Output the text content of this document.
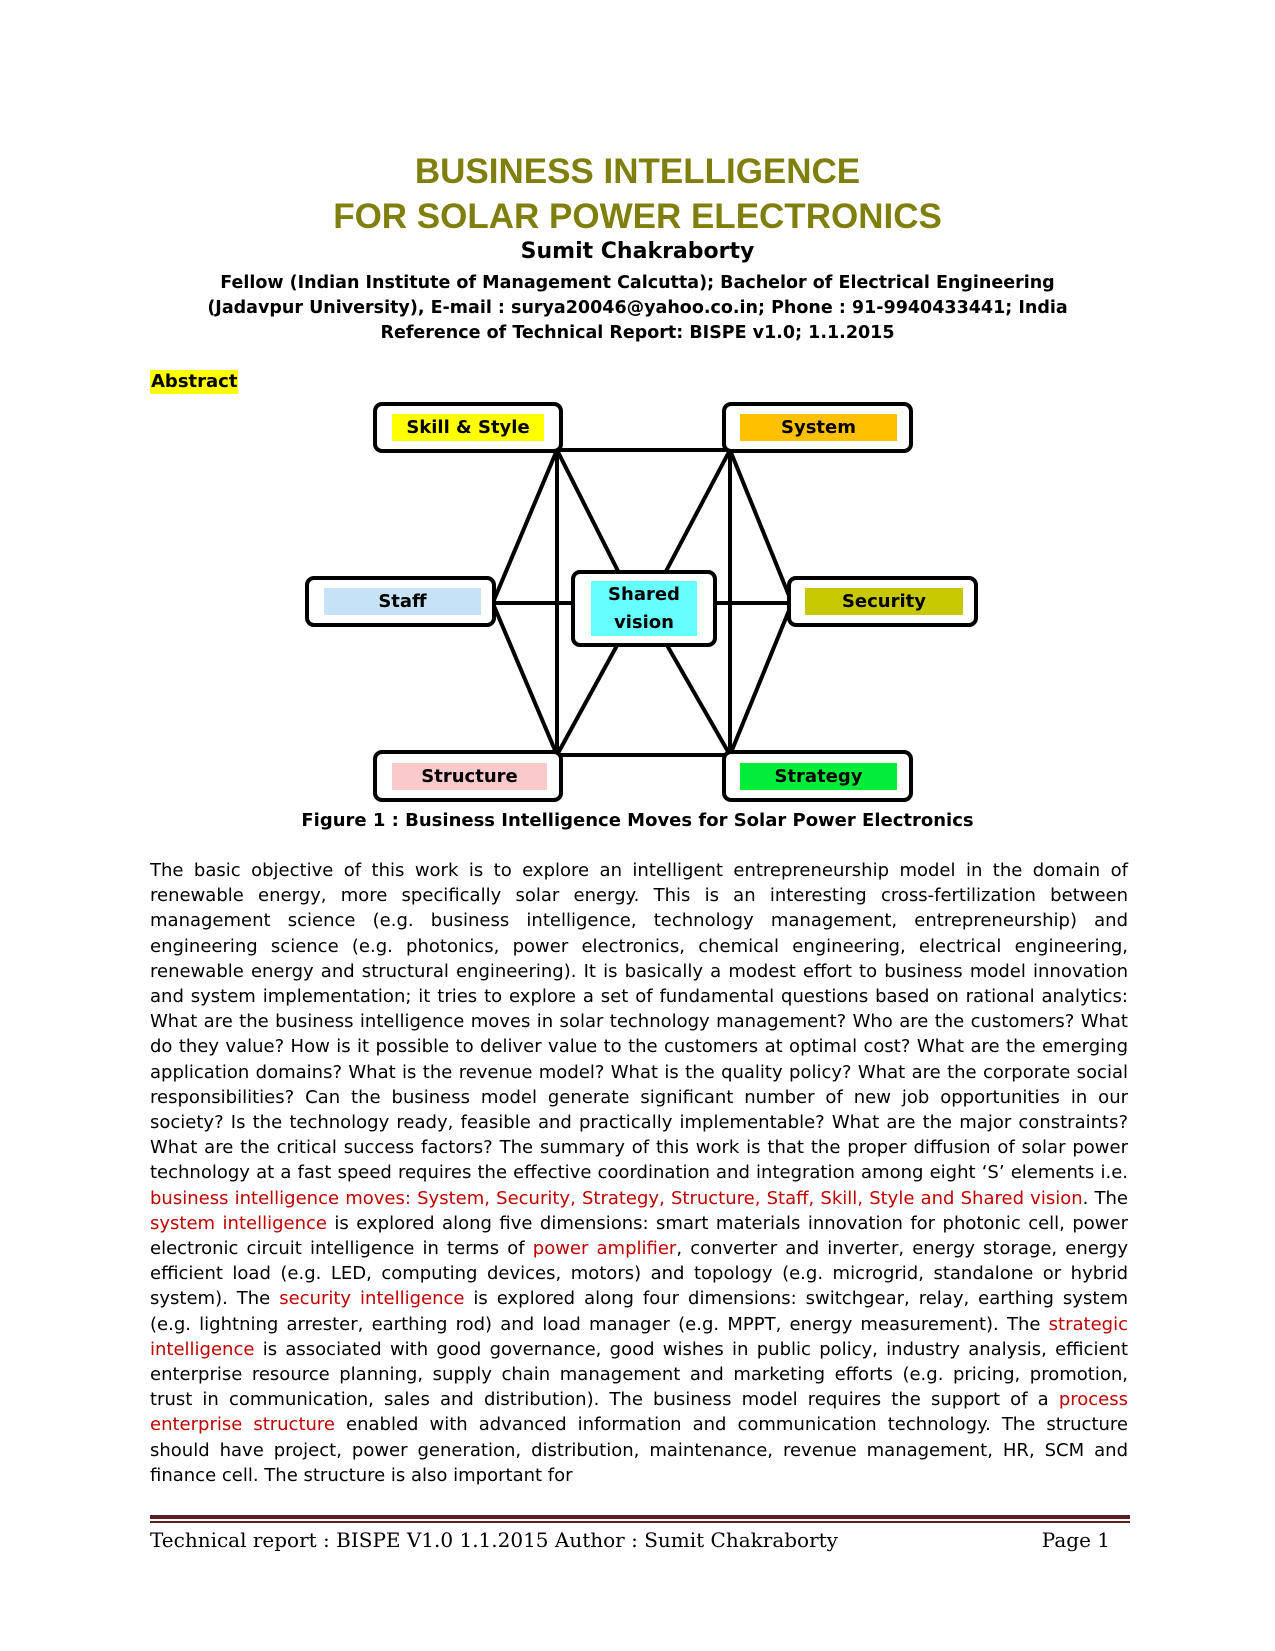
BUSINESS INTELLIGENCE
FOR SOLAR POWER ELECTRONICS
Sumit Chakraborty
Fellow (Indian Institute of Management Calcutta); Bachelor of Electrical Engineering
(Jadavpur University), E-mail : surya20046@yahoo.co.in; Phone : 91-9940433441; India
Reference of Technical Report: BISPE v1.0; 1.1.2015
Abstract
Skill & Style	System
Staff	Shared
vision
Security
Structure	Strategy
Figure 1 : Business Intelligence Moves for Solar Power Electronics
The basic objective of this work is to explore an intelligent entrepreneurship model in the domain of renewable energy, more specifically solar energy. This is an interesting cross-fertilization between management science (e.g. business intelligence, technology management, entrepreneurship) and engineering science (e.g. photonics, power electronics, chemical engineering, electrical engineering, renewable energy and structural engineering). It is basically a modest effort to business model innovation and system implementation; it tries to explore a set of fundamental questions based on rational analytics: What are the business intelligence moves in solar technology management? Who are the customers? What do they value? How is it possible to deliver value to the customers at optimal cost? What are the emerging application domains? What is the revenue model? What is the quality policy? What are the corporate social responsibilities? Can the business model generate significant number of new job opportunities in our society? Is the technology ready, feasible and practically implementable? What are the major constraints? What are the critical success factors? The summary of this work is that the proper diffusion of solar power technology at a fast speed requires the effective coordination and integration among eight ‘S’ elements i.e. business intelligence moves: System, Security, Strategy, Structure, Staff, Skill, Style and Shared vision. The system intelligence is explored along five dimensions: smart materials innovation for photonic cell, power electronic circuit intelligence in terms of power amplifier, converter and inverter, energy storage, energy efficient load (e.g. LED, computing devices, motors) and topology (e.g. microgrid, standalone or hybrid system). The security intelligence is explored along four dimensions: switchgear, relay, earthing system (e.g. lightning arrester, earthing rod) and load manager (e.g. MPPT, energy measurement). The strategic intelligence is associated with good governance, good wishes in public policy, industry analysis, efficient enterprise resource planning, supply chain management and marketing efforts (e.g. pricing, promotion, trust in communication, sales and distribution). The business model requires the support of a process enterprise structure enabled with advanced information and communication technology. The structure should have project, power generation, distribution, maintenance, revenue management, HR, SCM and finance cell. The structure is also important for
Technical report : BISPE V1.0 1.1.2015 Author : Sumit Chakraborty	Page 1
